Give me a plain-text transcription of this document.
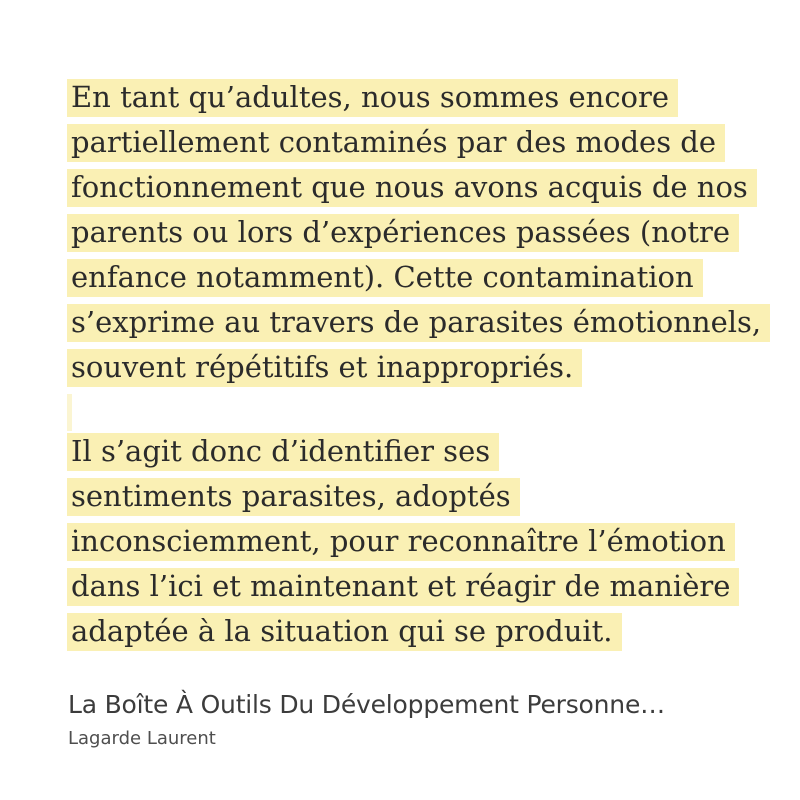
En tant qu’adultes, nous sommes encore
partiellement contaminés par des modes de
fonctionnement que nous avons acquis de nos
parents ou lors d’expériences passées (notre
enfance notamment). Cette contamination
s’exprime au travers de parasites émotionnels,
souvent répétitifs et inappropriés.
Il s’agit donc d’identifier ses
sentiments parasites, adoptés
inconsciemment, pour reconnaître l’émotion
dans l’ici et maintenant et réagir de manière
adaptée à la situation qui se produit.
La Boîte À Outils Du Développement Personne…
Lagarde Laurent
